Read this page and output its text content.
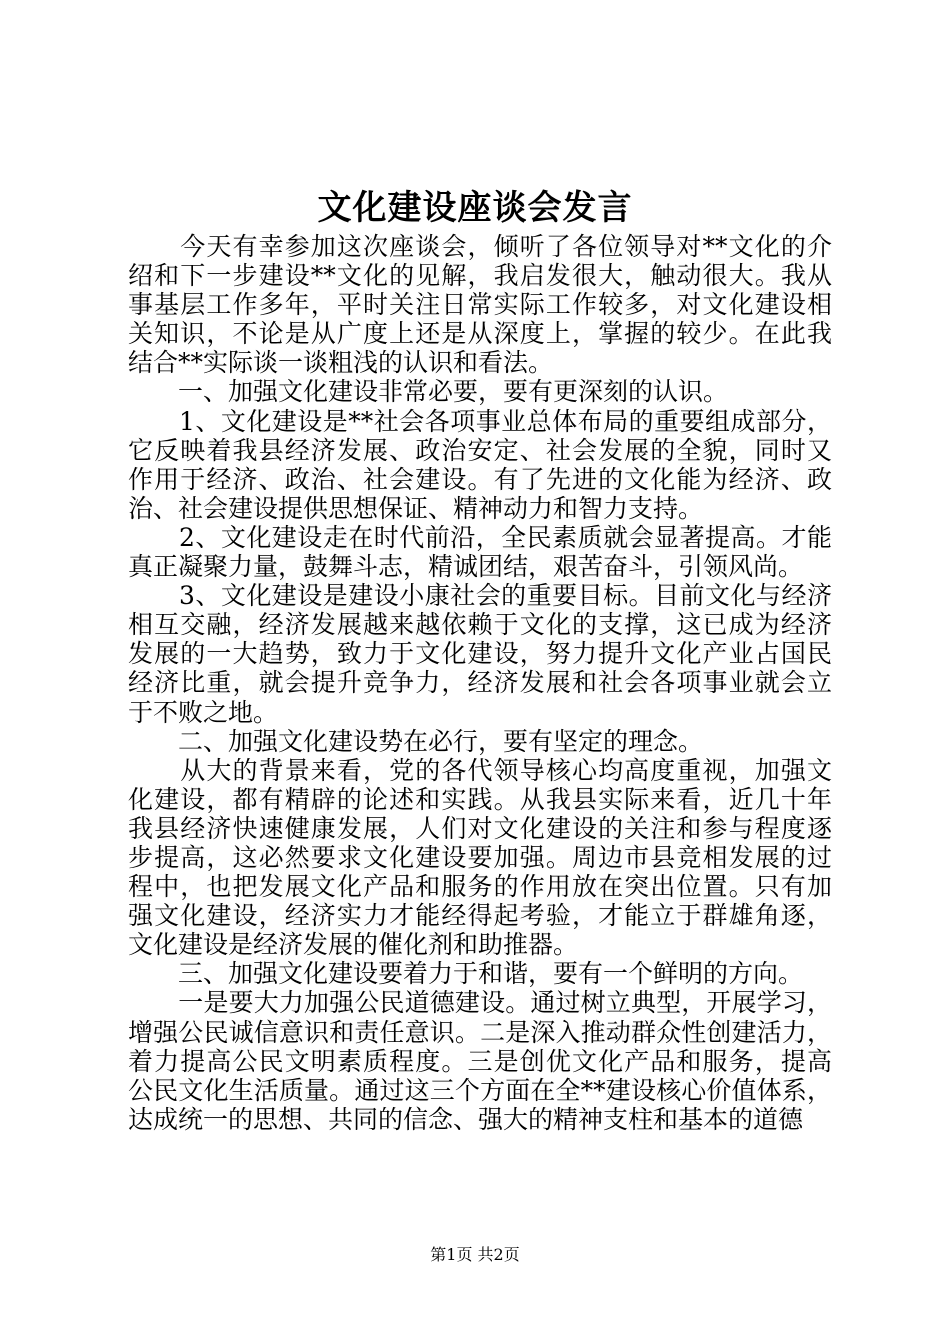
文化建设座谈会发言
　　今天有幸参加这次座谈会，倾听了各位领导对**文化的介
绍和下一步建设**文化的见解，我启发很大，触动很大。我从
事基层工作多年，平时关注日常实际工作较多，对文化建设相
关知识，不论是从广度上还是从深度上，掌握的较少。在此我
结合**实际谈一谈粗浅的认识和看法。
　　一、加强文化建设非常必要，要有更深刻的认识。
　　1、文化建设是**社会各项事业总体布局的重要组成部分，
它反映着我县经济发展、政治安定、社会发展的全貌，同时又
作用于经济、政治、社会建设。有了先进的文化能为经济、政
治、社会建设提供思想保证、精神动力和智力支持。
　　2、文化建设走在时代前沿，全民素质就会显著提高。才能
真正凝聚力量，鼓舞斗志，精诚团结，艰苦奋斗，引领风尚。
　　3、文化建设是建设小康社会的重要目标。目前文化与经济
相互交融，经济发展越来越依赖于文化的支撑，这已成为经济
发展的一大趋势，致力于文化建设，努力提升文化产业占国民
经济比重，就会提升竞争力，经济发展和社会各项事业就会立
于不败之地。
　　二、加强文化建设势在必行，要有坚定的理念。
　　从大的背景来看，党的各代领导核心均高度重视，加强文
化建设，都有精辟的论述和实践。从我县实际来看，近几十年
我县经济快速健康发展，人们对文化建设的关注和参与程度逐
步提高，这必然要求文化建设要加强。周边市县竞相发展的过
程中，也把发展文化产品和服务的作用放在突出位置。只有加
强文化建设，经济实力才能经得起考验，才能立于群雄角逐，
文化建设是经济发展的催化剂和助推器。
　　三、加强文化建设要着力于和谐，要有一个鲜明的方向。
　　一是要大力加强公民道德建设。通过树立典型，开展学习，
增强公民诚信意识和责任意识。二是深入推动群众性创建活力，
着力提高公民文明素质程度。三是创优文化产品和服务，提高
公民文化生活质量。通过这三个方面在全**建设核心价值体系，
达成统一的思想、共同的信念、强大的精神支柱和基本的道德
第1页 共2页
